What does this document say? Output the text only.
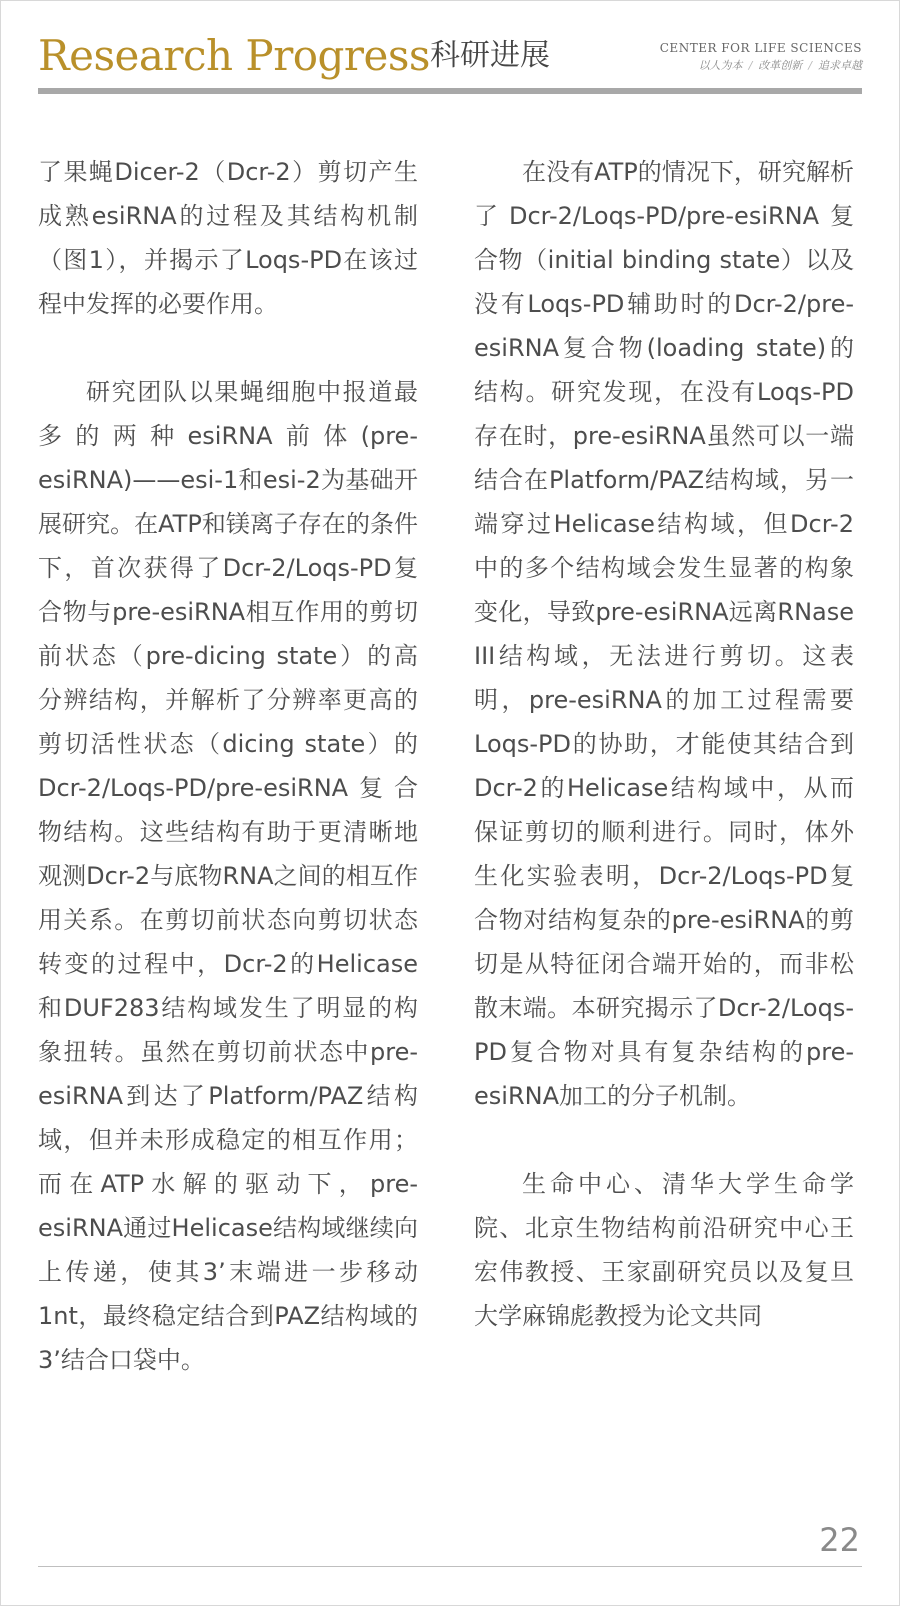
Research Progress 科研进展	CENTER FOR LIFE SCIENCES
以人为本 / 改革创新 / 追求卓越

了果蝇Dicer-2（Dcr-2）剪切产生成熟esiRNA的过程及其结构机制（图1），并揭示了Loqs-PD在该过程中发挥的必要作用。

研究团队以果蝇细胞中报道最多的两种esiRNA前体(pre-esiRNA)——esi-1和esi-2为基础开展研究。在ATP和镁离子存在的条件下，首次获得了Dcr-2/Loqs-PD复合物与pre-esiRNA相互作用的剪切前状态（pre-dicing state）的高分辨结构，并解析了分辨率更高的剪切活性状态（dicing state）的Dcr-2/Loqs-PD/pre-esiRNA复合物结构。这些结构有助于更清晰地观测Dcr-2与底物RNA之间的相互作用关系。在剪切前状态向剪切状态转变的过程中，Dcr-2的Helicase和DUF283结构域发生了明显的构象扭转。虽然在剪切前状态中pre-esiRNA到达了Platform/PAZ结构域，但并未形成稳定的相互作用；而在ATP水解的驱动下，pre-esiRNA通过Helicase结构域继续向上传递，使其3’末端进一步移动1nt，最终稳定结合到PAZ结构域的3’结合口袋中。

在没有ATP的情况下，研究解析了Dcr-2/Loqs-PD/pre-esiRNA复合物（initial binding state）以及没有Loqs-PD辅助时的Dcr-2/pre-esiRNA复合物(loading state)的结构。研究发现，在没有Loqs-PD存在时，pre-esiRNA虽然可以一端结合在Platform/PAZ结构域，另一端穿过Helicase结构域，但Dcr-2中的多个结构域会发生显著的构象变化，导致pre-esiRNA远离RNase III结构域，无法进行剪切。这表明，pre-esiRNA的加工过程需要Loqs-PD的协助，才能使其结合到Dcr-2的Helicase结构域中，从而保证剪切的顺利进行。同时，体外生化实验表明，Dcr-2/Loqs-PD复合物对结构复杂的pre-esiRNA的剪切是从特征闭合端开始的，而非松散末端。本研究揭示了Dcr-2/Loqs-PD复合物对具有复杂结构的pre-esiRNA加工的分子机制。

生命中心、清华大学生命学院、北京生物结构前沿研究中心王宏伟教授、王家副研究员以及复旦大学麻锦彪教授为论文共同

22
